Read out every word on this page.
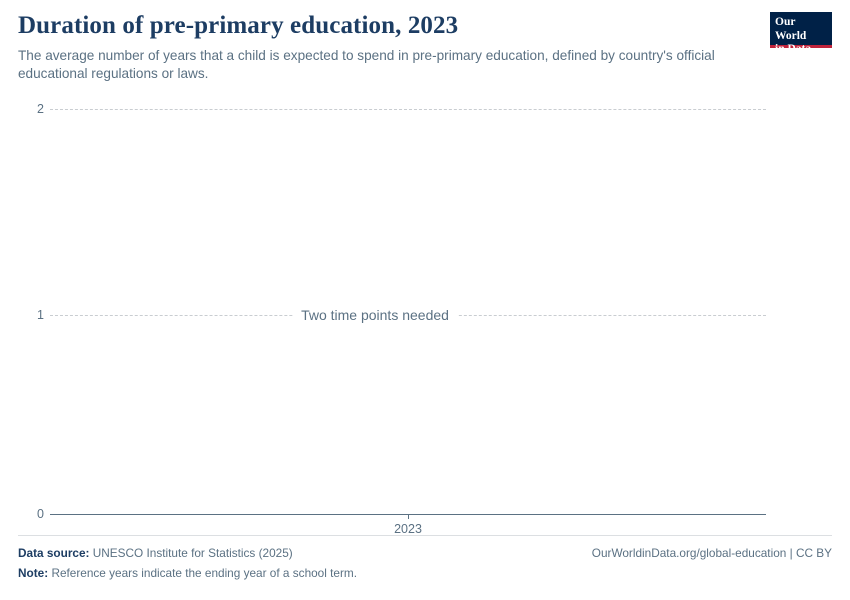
Duration of pre-primary education, 2023

The average number of years that a child is expected to spend in pre-primary education, defined by country's official educational regulations or laws.

Our World
in Data
2
1	Two time points needed
0
2023
Data source: UNESCO Institute for Statistics (2025)	OurWorldinData.org/global-education | CC BY
Note: Reference years indicate the ending year of a school term.
